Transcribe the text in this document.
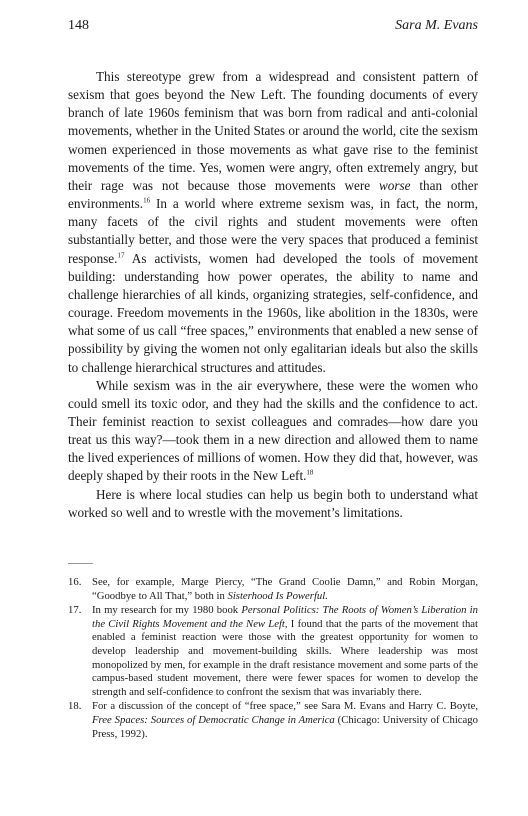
148	Sara M. Evans

This stereotype grew from a widespread and consistent pattern of sexism that goes beyond the New Left. The founding documents of every branch of late 1960s feminism that was born from radical and anti-colonial movements, whether in the United States or around the world, cite the sexism women experienced in those movements as what gave rise to the feminist movements of the time. Yes, women were angry, often extremely angry, but their rage was not because those movements were worse than other environments.$^{16}$ In a world where extreme sexism was, in fact, the norm, many facets of the civil rights and student movements were often substantially better, and those were the very spaces that produced a feminist response.$^{17}$ As activists, women had developed the tools of movement building: understanding how power operates, the ability to name and challenge hierarchies of all kinds, organizing strategies, self-confidence, and courage. Freedom movements in the 1960s, like abolition in the 1830s, were what some of us call “free spaces,” environments that enabled a new sense of possibility by giving the women not only egalitarian ideals but also the skills to challenge hierarchical structures and attitudes.

While sexism was in the air everywhere, these were the women who could smell its toxic odor, and they had the skills and the confidence to act. Their feminist reaction to sexist colleagues and comrades—how dare you treat us this way?—took them in a new direction and allowed them to name the lived experiences of millions of women. How they did that, however, was deeply shaped by their roots in the New Left.$^{18}$

Here is where local studies can help us begin both to understand what worked so well and to wrestle with the movement’s limitations.

16. See, for example, Marge Piercy, “The Grand Coolie Damn,” and Robin Morgan, “Goodbye to All That,” both in Sisterhood Is Powerful.
17. In my research for my 1980 book Personal Politics: The Roots of Women’s Liberation in the Civil Rights Movement and the New Left, I found that the parts of the movement that enabled a feminist reaction were those with the greatest opportunity for women to develop leadership and movement-building skills. Where leadership was most monopolized by men, for example in the draft resistance movement and some parts of the campus-based student movement, there were fewer spaces for women to develop the strength and self-confidence to confront the sexism that was invariably there.
18. For a discussion of the concept of “free space,” see Sara M. Evans and Harry C. Boyte, Free Spaces: Sources of Democratic Change in America (Chicago: University of Chicago Press, 1992).
